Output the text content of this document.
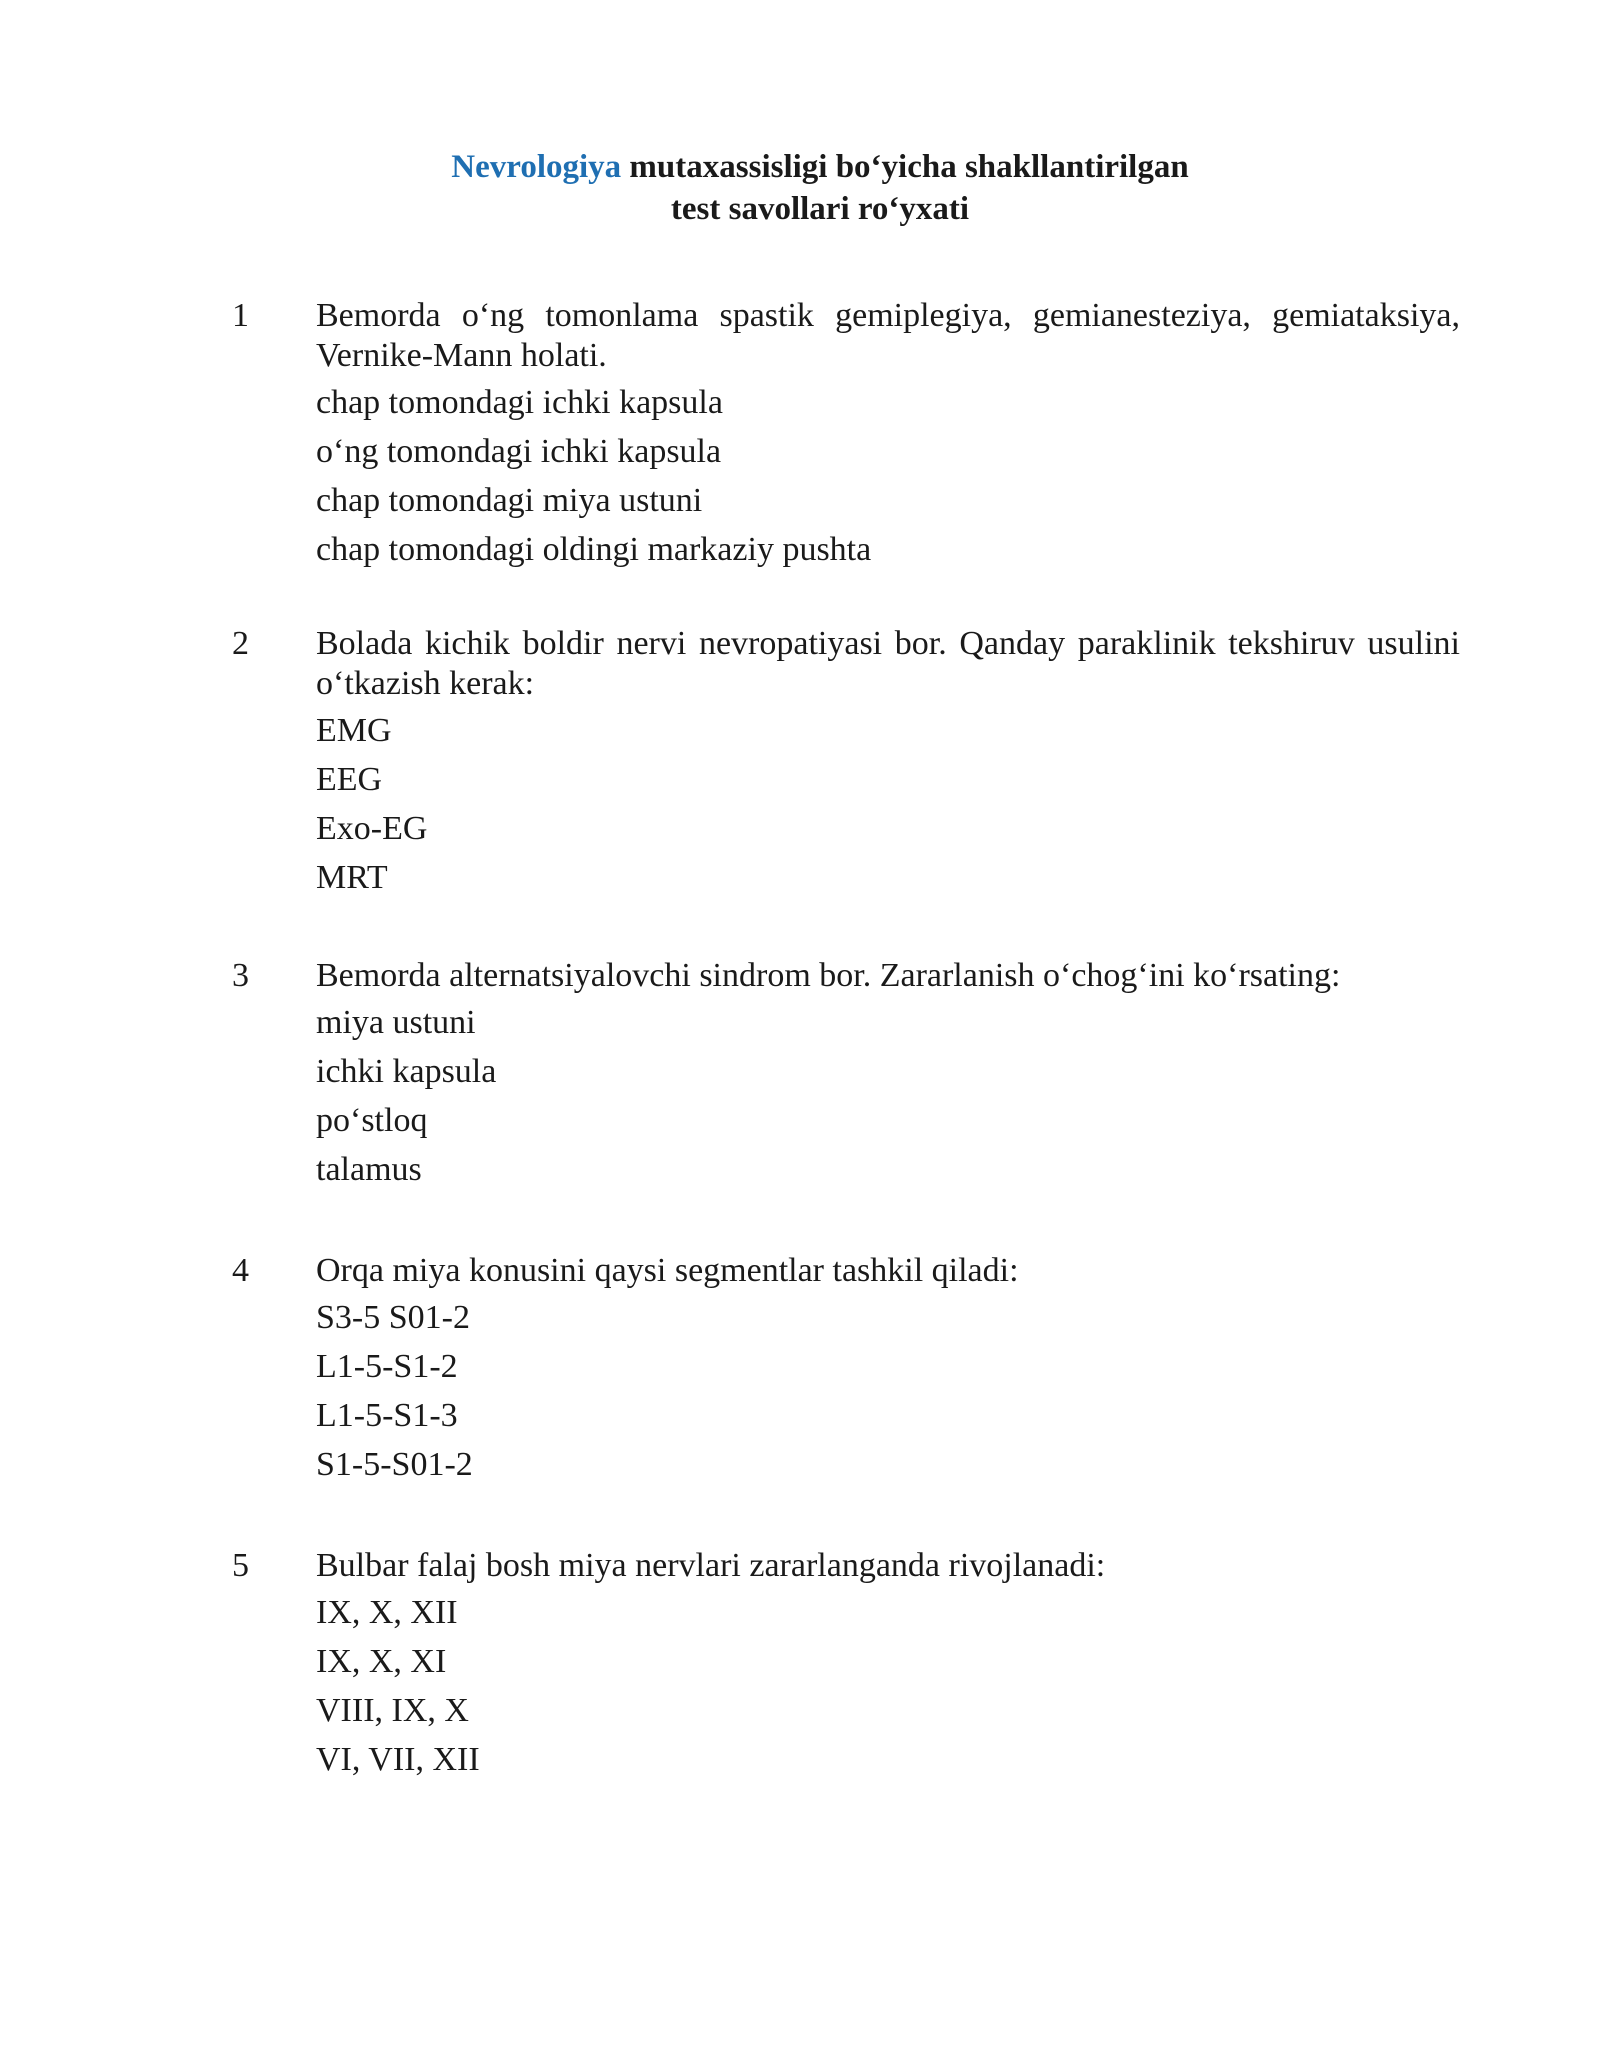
Nevrologiya mutaxassisligi bo‘yicha shakllantirilgan
test savollari ro‘yxati
1 Bemorda o‘ng tomonlama spastik gemiplegiya, gemianesteziya, gemiataksiya, Vernike-Mann holati.

chap tomondagi ichki kapsula
o‘ng tomondagi ichki kapsula
chap tomondagi miya ustuni
chap tomondagi oldingi markaziy pushta
2 Bolada kichik boldir nervi nevropatiyasi bor. Qanday paraklinik tekshiruv usulini o‘tkazish kerak:

EMG
EEG
Exo-EG
MRT
3 Bemorda alternatsiyalovchi sindrom bor. Zararlanish o‘chog‘ini ko‘rsating:

miya ustuni
ichki kapsula
po‘stloq
talamus
4 Orqa miya konusini qaysi segmentlar tashkil qiladi:

S3-5 S01-2
L1-5-S1-2
L1-5-S1-3
S1-5-S01-2
5 Bulbar falaj bosh miya nervlari zararlanganda rivojlanadi:

IX, X, XII
IX, X, XI
VIII, IX, X
VI, VII, XII
